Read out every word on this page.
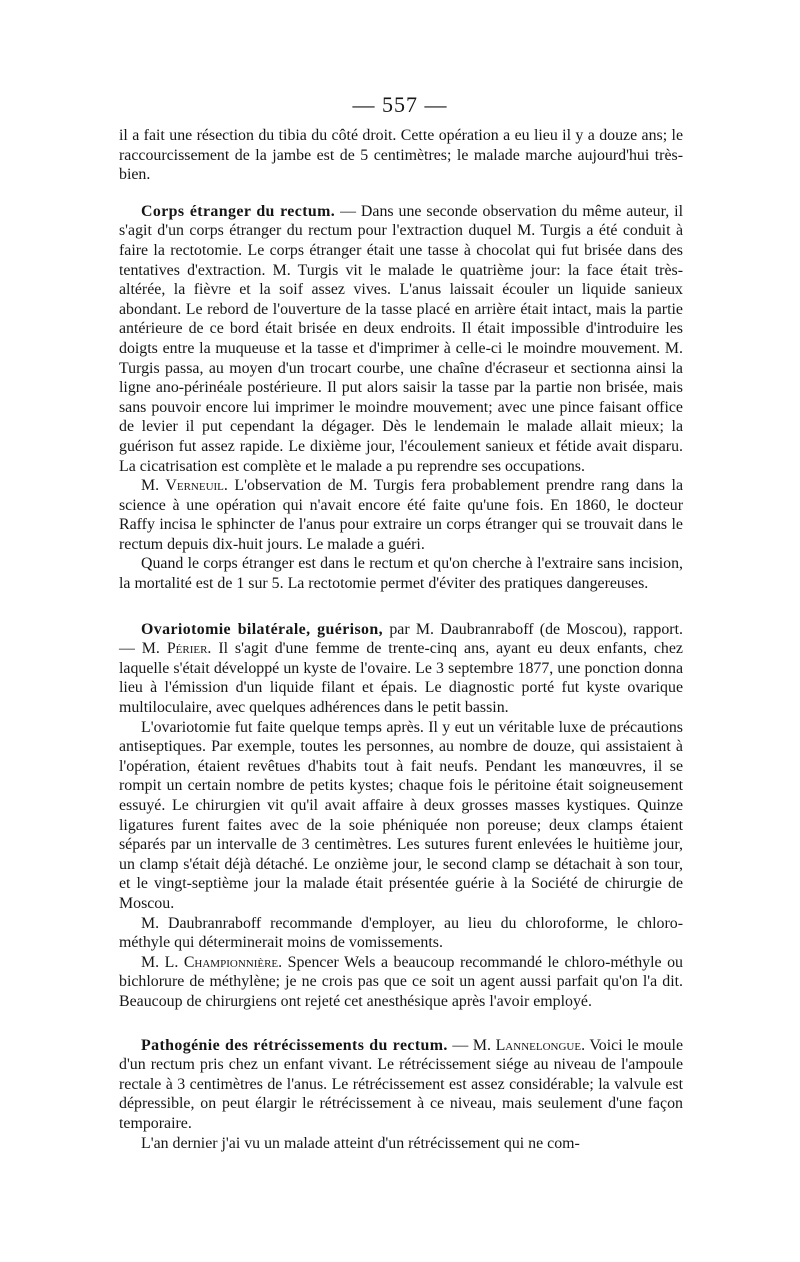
— 557 —

il a fait une résection du tibia du côté droit. Cette opération a eu lieu il y a douze ans; le raccourcissement de la jambe est de 5 centimètres; le malade marche aujourd'hui très-bien.

Corps étranger du rectum. — Dans une seconde observation du même auteur, il s'agit d'un corps étranger du rectum pour l'extraction duquel M. Turgis a été conduit à faire la rectotomie. Le corps étranger était une tasse à chocolat qui fut brisée dans des tentatives d'extraction. M. Turgis vit le malade le quatrième jour: la face était très-altérée, la fièvre et la soif assez vives. L'anus laissait écouler un liquide sanieux abondant. Le rebord de l'ouverture de la tasse placé en arrière était intact, mais la partie antérieure de ce bord était brisée en deux endroits. Il était impossible d'introduire les doigts entre la muqueuse et la tasse et d'imprimer à celle-ci le moindre mouvement. M. Turgis passa, au moyen d'un trocart courbe, une chaîne d'écraseur et sectionna ainsi la ligne ano-périnéale postérieure. Il put alors saisir la tasse par la partie non brisée, mais sans pouvoir encore lui imprimer le moindre mouvement; avec une pince faisant office de levier il put cependant la dégager. Dès le lendemain le malade allait mieux; la guérison fut assez rapide. Le dixième jour, l'écoulement sanieux et fétide avait disparu. La cicatrisation est complète et le malade a pu reprendre ses occupations.

M. Verneuil. L'observation de M. Turgis fera probablement prendre rang dans la science à une opération qui n'avait encore été faite qu'une fois. En 1860, le docteur Raffy incisa le sphincter de l'anus pour extraire un corps étranger qui se trouvait dans le rectum depuis dix-huit jours. Le malade a guéri.

Quand le corps étranger est dans le rectum et qu'on cherche à l'extraire sans incision, la mortalité est de 1 sur 5. La rectotomie permet d'éviter des pratiques dangereuses.

Ovariotomie bilatérale, guérison, par M. Daubranraboff (de Moscou), rapport. — M. Périer. Il s'agit d'une femme de trente-cinq ans, ayant eu deux enfants, chez laquelle s'était développé un kyste de l'ovaire. Le 3 septembre 1877, une ponction donna lieu à l'émission d'un liquide filant et épais. Le diagnostic porté fut kyste ovarique multiloculaire, avec quelques adhérences dans le petit bassin.

L'ovariotomie fut faite quelque temps après. Il y eut un véritable luxe de précautions antiseptiques. Par exemple, toutes les personnes, au nombre de douze, qui assistaient à l'opération, étaient revêtues d'habits tout à fait neufs. Pendant les manœuvres, il se rompit un certain nombre de petits kystes; chaque fois le péritoine était soigneusement essuyé. Le chirurgien vit qu'il avait affaire à deux grosses masses kystiques. Quinze ligatures furent faites avec de la soie phéniquée non poreuse; deux clamps étaient séparés par un intervalle de 3 centimètres. Les sutures furent enlevées le huitième jour, un clamp s'était déjà détaché. Le onzième jour, le second clamp se détachait à son tour, et le vingt-septième jour la malade était présentée guérie à la Société de chirurgie de Moscou.

M. Daubranraboff recommande d'employer, au lieu du chloroforme, le chloro-méthyle qui déterminerait moins de vomissements.

M. L. Championnière. Spencer Wels a beaucoup recommandé le chloro-méthyle ou bichlorure de méthylène; je ne crois pas que ce soit un agent aussi parfait qu'on l'a dit. Beaucoup de chirurgiens ont rejeté cet anesthésique après l'avoir employé.

Pathogénie des rétrécissements du rectum. — M. Lannelongue. Voici le moule d'un rectum pris chez un enfant vivant. Le rétrécissement siége au niveau de l'ampoule rectale à 3 centimètres de l'anus. Le rétrécissement est assez considérable; la valvule est dépressible, on peut élargir le rétrécissement à ce niveau, mais seulement d'une façon temporaire.

L'an dernier j'ai vu un malade atteint d'un rétrécissement qui ne com-
